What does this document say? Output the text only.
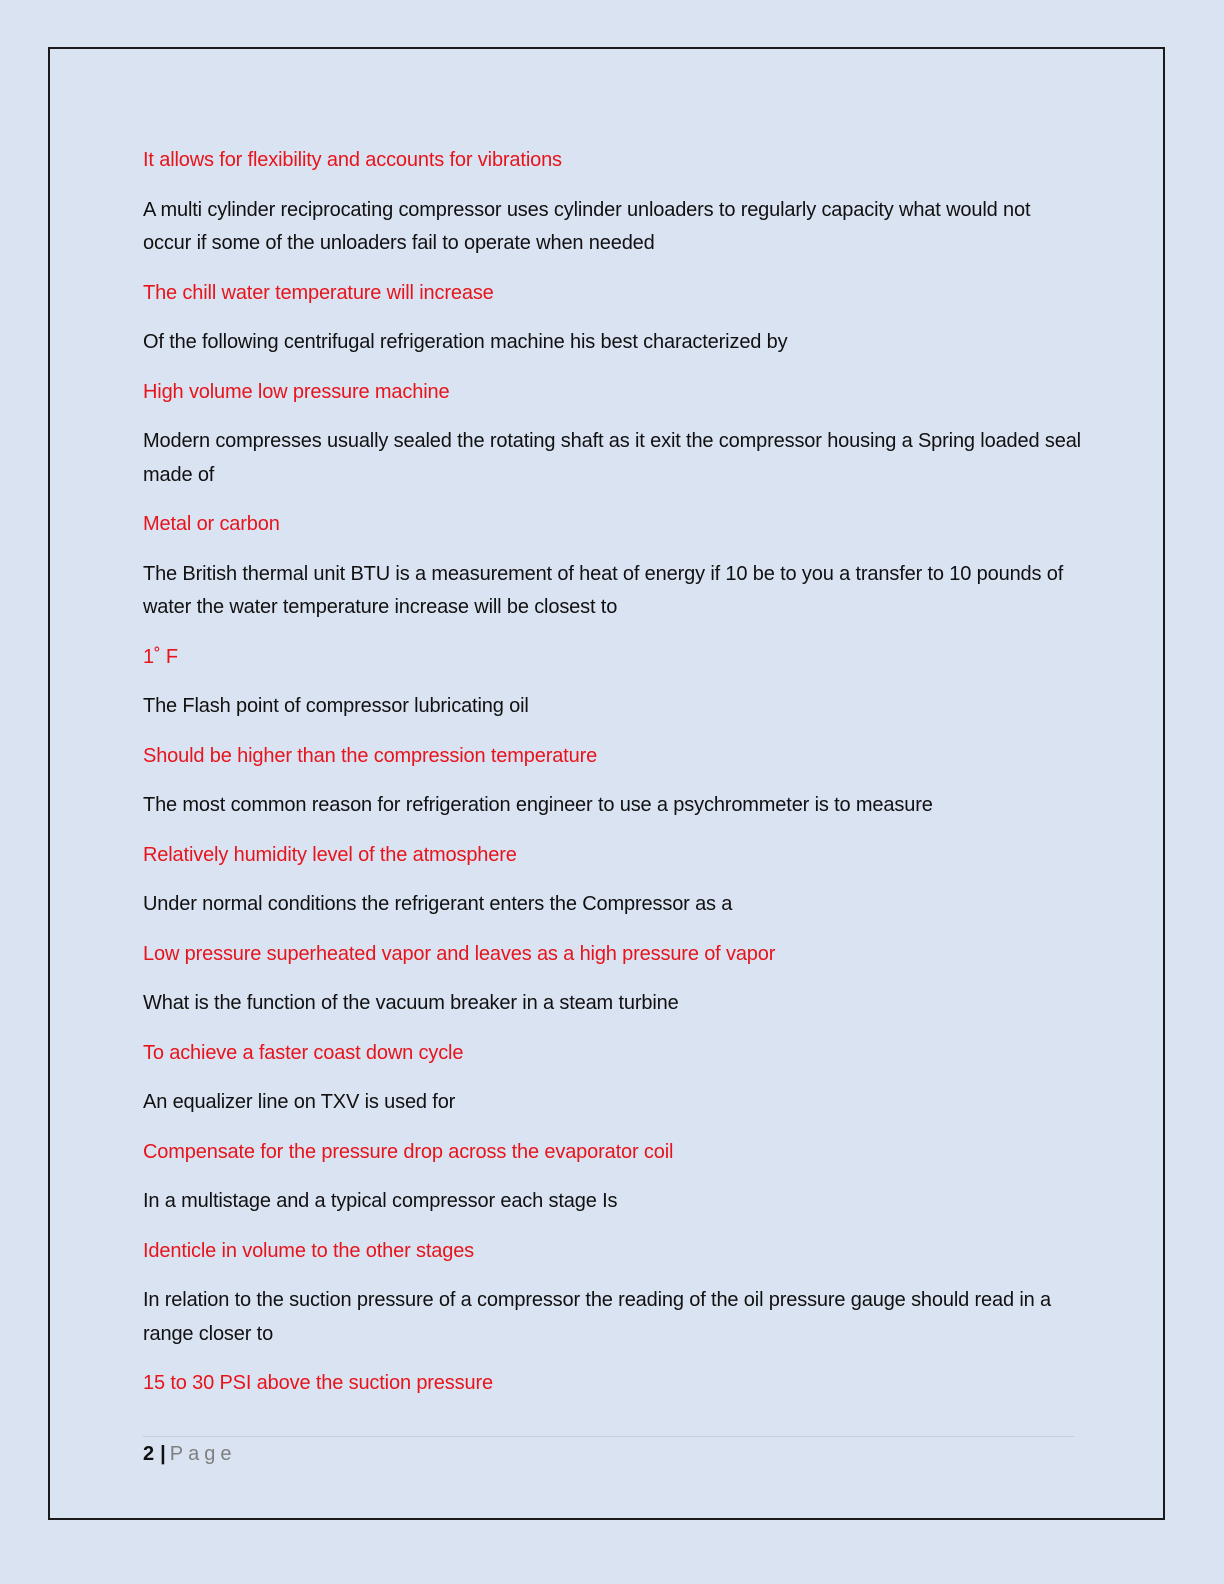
It allows for flexibility and accounts for vibrations

A multi cylinder reciprocating compressor uses cylinder unloaders to regularly capacity what would not occur if some of the unloaders fail to operate when needed

The chill water temperature will increase

Of the following centrifugal refrigeration machine his best characterized by

High volume low pressure machine

Modern compresses usually sealed the rotating shaft as it exit the compressor housing a Spring loaded seal made of

Metal or carbon

The British thermal unit BTU is a measurement of heat of energy if 10 be to you a transfer to 10 pounds of water the water temperature increase will be closest to

1˚ F

The Flash point of compressor lubricating oil

Should be higher than the compression temperature

The most common reason for refrigeration engineer to use a psychrommeter is to measure

Relatively humidity level of the atmosphere

Under normal conditions the refrigerant enters the Compressor as a

Low pressure superheated vapor and leaves as a high pressure of vapor

What is the function of the vacuum breaker in a steam turbine

To achieve a faster coast down cycle

An equalizer line on TXV is used for

Compensate for the pressure drop across the evaporator coil

In a multistage and a typical compressor each stage Is

Identicle in volume to the other stages

In relation to the suction pressure of a compressor the reading of the oil pressure gauge should read in a range closer to

15 to 30 PSI above the suction pressure

2 | Page
